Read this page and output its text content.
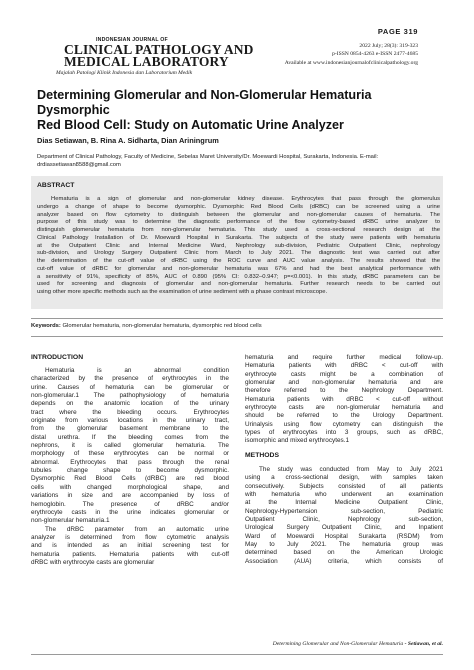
INDONESIAN JOURNAL OF
CLINICAL PATHOLOGY AND
MEDICAL LABORATORY
Majalah Patologi Klinik Indonesia dan Laboratorium Medik
PAGE 319
2022 July; 28(3): 319-323
p-ISSN 0854-4263 e-ISSN 2477-4685
Available at www.indonesianjournalofclinicalpathology.org
Determining Glomerular and Non-Glomerular Hematuria Dysmorphic
Red Blood Cell: Study on Automatic Urine Analyzer
Dias Setiawan, B. Rina A. Sidharta, Dian Ariningrum
Department of Clinical Pathology, Faculty of Medicine, Sebelas Maret University/Dr. Moewardi Hospital, Surakarta, Indonesia. E-mail:
drdiassetiawan8588@gmail.com
ABSTRACT
Hematuria is a sign of glomerular and non-glomerular kidney disease. Erythrocytes that pass through the glomerulus
undergo a change of shape to become dysmorphic. Dysmorphic Red Blood Cells (dRBC) can be screened using a urine
analyzer based on flow cytometry to distinguish between the glomerular and non-glomerular causes of hematuria. The
purpose of this study was to determine the diagnostic performance of the flow cytometry-based dRBC urine analyzer to
distinguish glomerular hematuria from non-glomerular hematuria. This study used a cross-sectional research design at the
Clinical Pathology Installation of Dr. Moewardi Hospital in Surakarta. The subjects of the study were patients with hematuria
at the Outpatient Clinic and Internal Medicine Ward, Nephrology sub-division, Pediatric Outpatient Clinic, nephrology
sub-division, and Urology Surgery Outpatient Clinic from March to July 2021. The diagnostic test was carried out after
the determination of the cut-off value of dRBC using the ROC curve and AUC value analysis. The results showed that the
cut-off value of dRBC for glomerular and non-glomerular hematuria was 67% and had the best analytical performance with
a sensitivity of 91%, specificity of 85%, AUC of 0.890 (95% CI: 0.832–0.947; p=<0.001). In this study, dRBC parameters can be
used for screening and diagnosis of glomerular and non-glomerular hematuria. Further research needs to be carried out
using other more specific methods such as the examination of urine sediment with a phase contrast microscope.
Keywords: Glomerular hematuria, non-glomerular hematuria, dysmorphic red blood cells
INTRODUCTION
Hematuria is an abnormal condition
characterized by the presence of erythrocytes in the
urine. Causes of hematuria can be glomerular or
non-glomerular.1 The pathophysiology of hematuria
depends on the anatomic location of the urinary
tract where the bleeding occurs. Erythrocytes
originate from various locations in the urinary tract,
from the glomerular basement membrane to the
distal urethra. If the bleeding comes from the
nephrons, it is called glomerular hematuria. The
morphology of these erythrocytes can be normal or
abnormal. Erythrocytes that pass through the renal
tubules change shape to become dysmorphic.
Dysmorphic Red Blood Cells (dRBC) are red blood
cells with changed morphological shape, and
variations in size and are accompanied by loss of
hemoglobin. The presence of dRBC and/or
erythrocyte casts in the urine indicates glomerular or
non-glomerular hematuria.1
The dRBC parameter from an automatic urine
analyzer is determined from flow cytometric analysis
and is intended as an initial screening test for
hematuria patients. Hematuria patients with cut-off
dRBC with erythrocyte casts are glomerular
hematuria and require further medical follow-up.
Hematuria patients with dRBC < cut-off with
erythrocyte casts might be a combination of
glomerular and non-glomerular hematuria and are
therefore referred to the Nephrology Department.
Hematuria patients with dRBC < cut-off without
erythrocyte casts are non-glomerular hematuria and
should be referred to the Urology Department.
Urinalysis using flow cytometry can distinguish the
types of erythrocytes into 3 groups, such as dRBC,
isomorphic and mixed erythrocytes.1
METHODS
The study was conducted from May to July 2021
using a cross-sectional design, with samples taken
consecutively. Subjects consisted of all patients
with hematuria who underwent an examination
at the Internal Medicine Outpatient Clinic,
Nephrology-Hypertension sub-section, Pediatric
Outpatient Clinic, Nephrology sub-section,
Urological Surgery Outpatient Clinic, and Inpatient
Ward of Moewardi Hospital Surakarta (RSDM) from
May to July 2021. The hematuria group was
determined based on the American Urologic
Association (AUA) criteria, which consists of
Determining Glomerular and Non-Glomerular Hematuria - Setiawan, et al.
